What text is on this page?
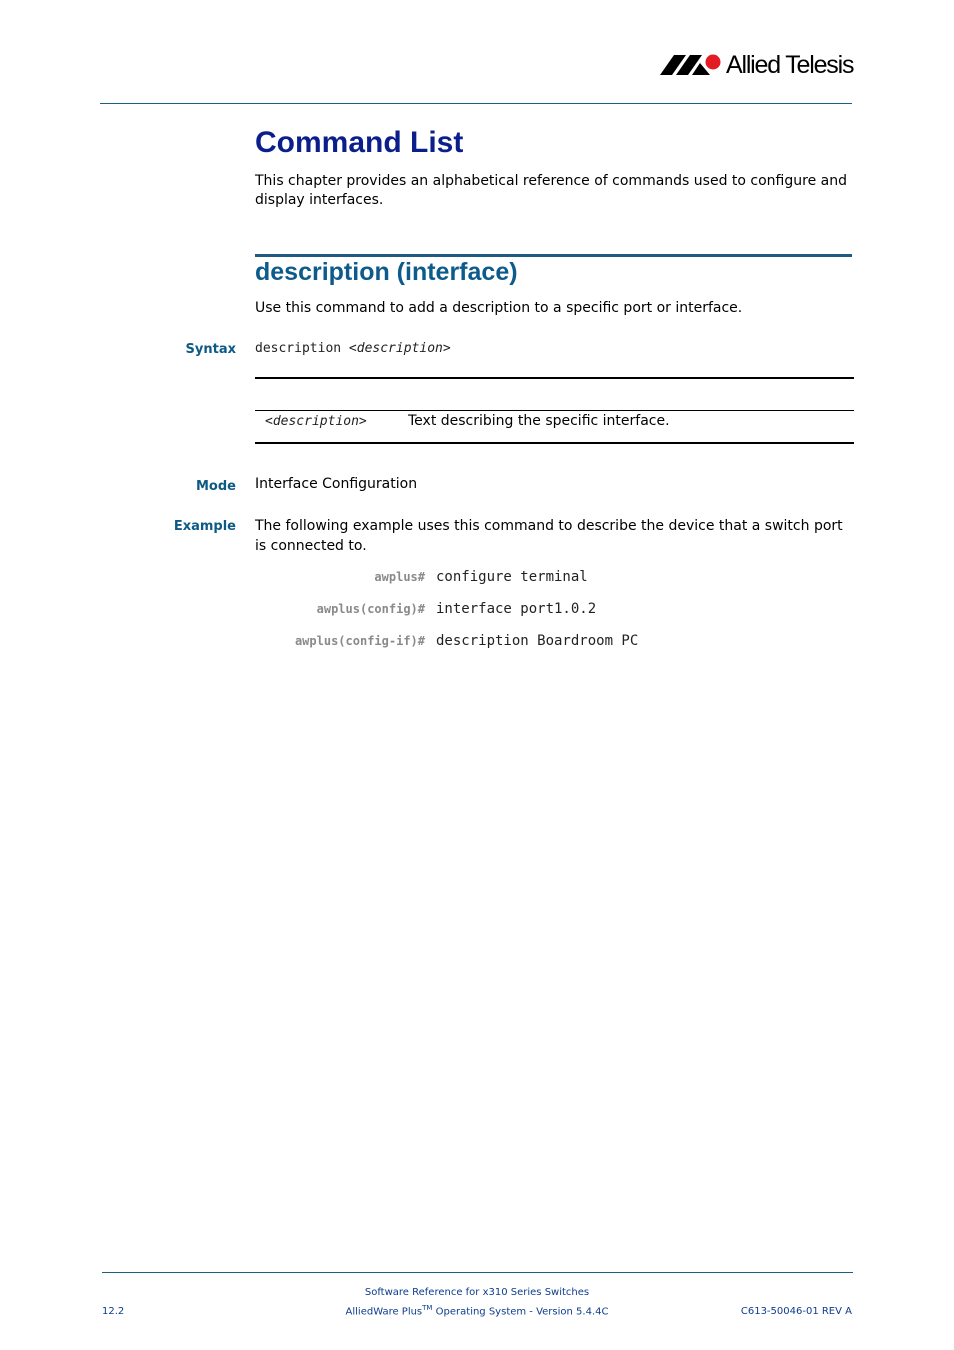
Allied Telesis
Command List

This chapter provides an alphabetical reference of commands used to configure and display interfaces.

description (interface)

Use this command to add a description to a specific port or interface.

Syntax description <description>
<description>	Text describing the specific interface.
Mode Interface Configuration
Example The following example uses this command to describe the device that a switch port is connected to.

awplus# configure terminal
awplus(config)# interface port1.0.2
awplus(config-if)# description Boardroom PC
12.2
Software Reference for x310 Series Switches
AlliedWare Plus™ Operating System - Version 5.4.4C	C613-50046-01 REV A
